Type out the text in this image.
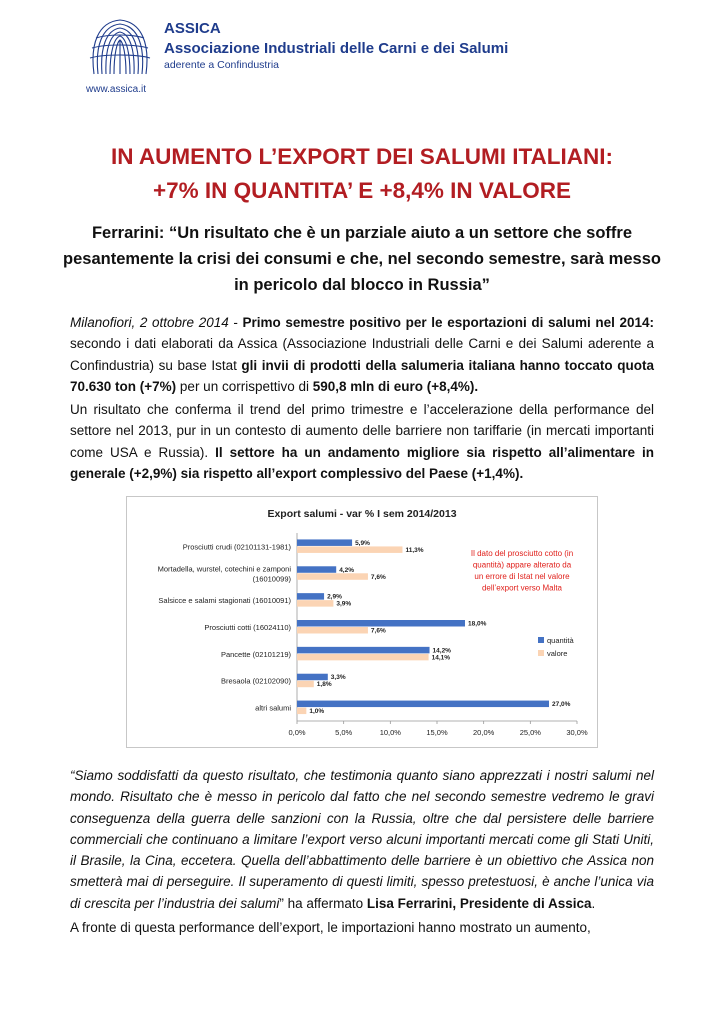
ASSICA
Associazione Industriali delle Carni e dei Salumi
aderente a Confindustria
www.assica.it
IN AUMENTO L’EXPORT DEI SALUMI ITALIANI:
+7% IN QUANTITA’ E +8,4% IN VALORE
Ferrarini: “Un risultato che è un parziale aiuto a un settore che soffre pesantemente la crisi dei consumi e che, nel secondo semestre, sarà messo in pericolo dal blocco in Russia”
Milanofiori, 2 ottobre 2014 - Primo semestre positivo per le esportazioni di salumi nel 2014: secondo i dati elaborati da Assica (Associazione Industriali delle Carni e dei Salumi aderente a Confindustria) su base Istat gli invii di prodotti della salumeria italiana hanno toccato quota 70.630 ton (+7%) per un corrispettivo di 590,8 mln di euro (+8,4%).
Un risultato che conferma il trend del primo trimestre e l’accelerazione della performance del settore nel 2013, pur in un contesto di aumento delle barriere non tariffarie (in mercati importanti come USA e Russia). Il settore ha un andamento migliore sia rispetto all’alimentare in generale (+2,9%) sia rispetto all’export complessivo del Paese (+1,4%).
Export salumi - var % I sem 2014/2013
0,0%	5,0%	10,0%	15,0%	20,0%	25,0%	30,0%
Prosciutti crudi (02101131-1981)	5,9%
11,3%
Mortadella, wurstel, cotechini e zamponi (16010099)
4,2%
7,6%
Salsicce e salami stagionati (16010091)	2,9%
3,9%
Prosciutti cotti (16024110)	18,0%
7,6%
Pancette (02101219)	14,2%
14,1%
Bresaola (02102090)	3,3%
1,8%
altri salumi	27,0%
1,0%
quantità
valore
Il dato del prosciutto cotto (in
quantità) appare alterato da
un errore di Istat nel valore
dell’export verso Malta
“Siamo soddisfatti da questo risultato, che testimonia quanto siano apprezzati i nostri salumi nel mondo. Risultato che è messo in pericolo dal fatto che nel secondo semestre vedremo le gravi conseguenza della guerra delle sanzioni con la Russia, oltre che dal persistere delle barriere commerciali che continuano a limitare l’export verso alcuni importanti mercati come gli Stati Uniti, il Brasile, la Cina, eccetera. Quella dell’abbattimento delle barriere è un obiettivo che Assica non smetterà mai di perseguire. Il superamento di questi limiti, spesso pretestuosi, è anche l’unica via di crescita per l’industria dei salumi” ha affermato Lisa Ferrarini, Presidente di Assica.
A fronte di questa performance dell’export, le importazioni hanno mostrato un aumento,
